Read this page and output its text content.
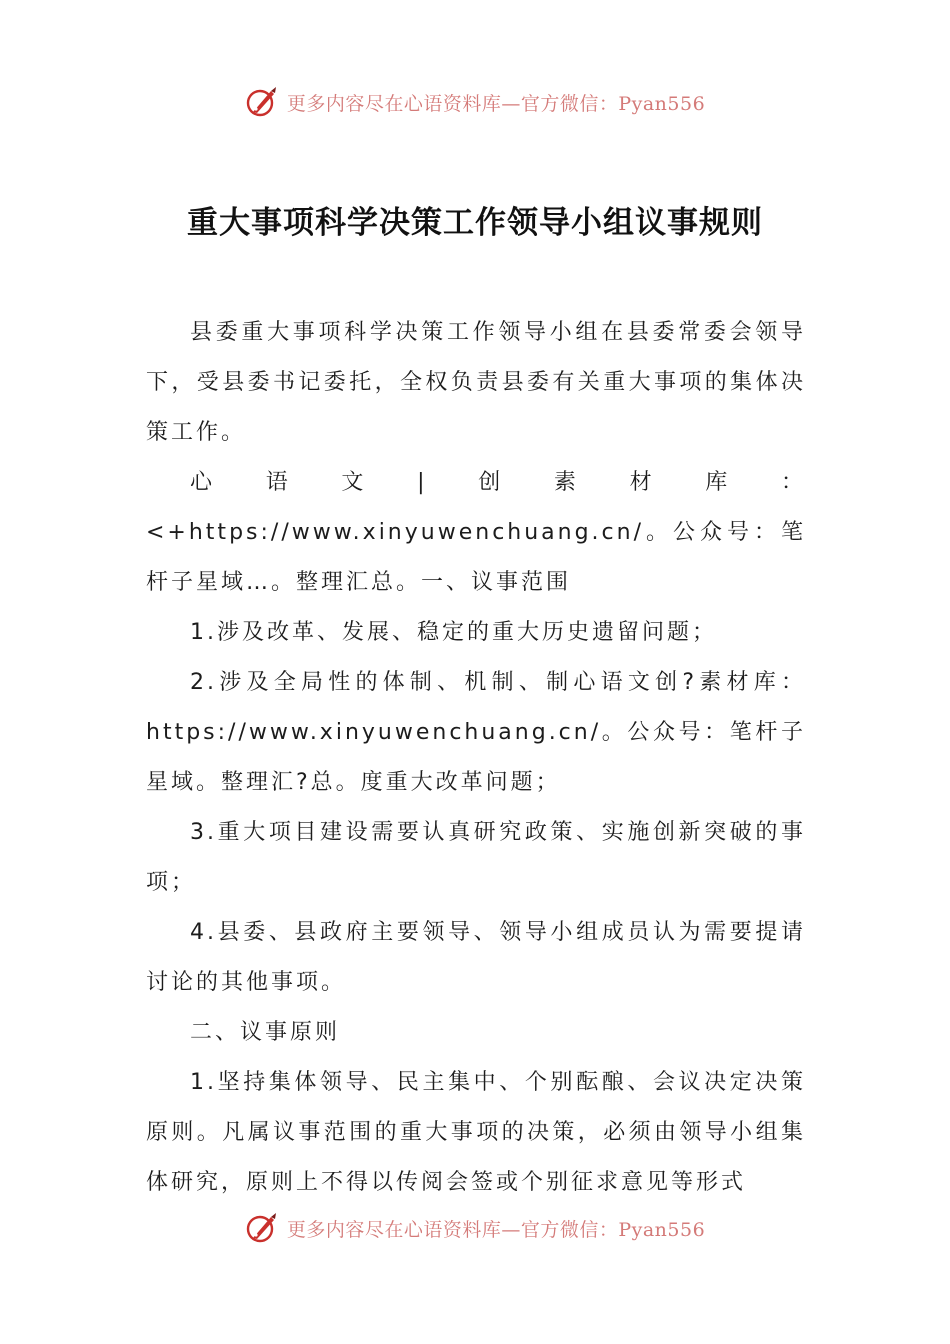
更多内容尽在心语资料库—官方微信：Pyan556
重大事项科学决策工作领导小组议事规则

县委重大事项科学决策工作领导小组在县委常委会领导下，受县委书记委托，全权负责县委有关重大事项的集体决策工作。

心语文|创素材库：<+https://www.xinyuwenchuang.cn/。公众号：笔杆子星域…。整理汇总。一、议事范围

1.涉及改革、发展、稳定的重大历史遗留问题；

2.涉及全局性的体制、机制、制心语文创?素材库：https://www.xinyuwenchuang.cn/。公众号：笔杆子星域。整理汇?总。度重大改革问题；

3.重大项目建设需要认真研究政策、实施创新突破的事项；

4.县委、县政府主要领导、领导小组成员认为需要提请讨论的其他事项。

二、议事原则

1.坚持集体领导、民主集中、个别酝酿、会议决定决策原则。凡属议事范围的重大事项的决策，必须由领导小组集体研究，原则上不得以传阅会签或个别征求意见等形式

更多内容尽在心语资料库—官方微信：Pyan556
